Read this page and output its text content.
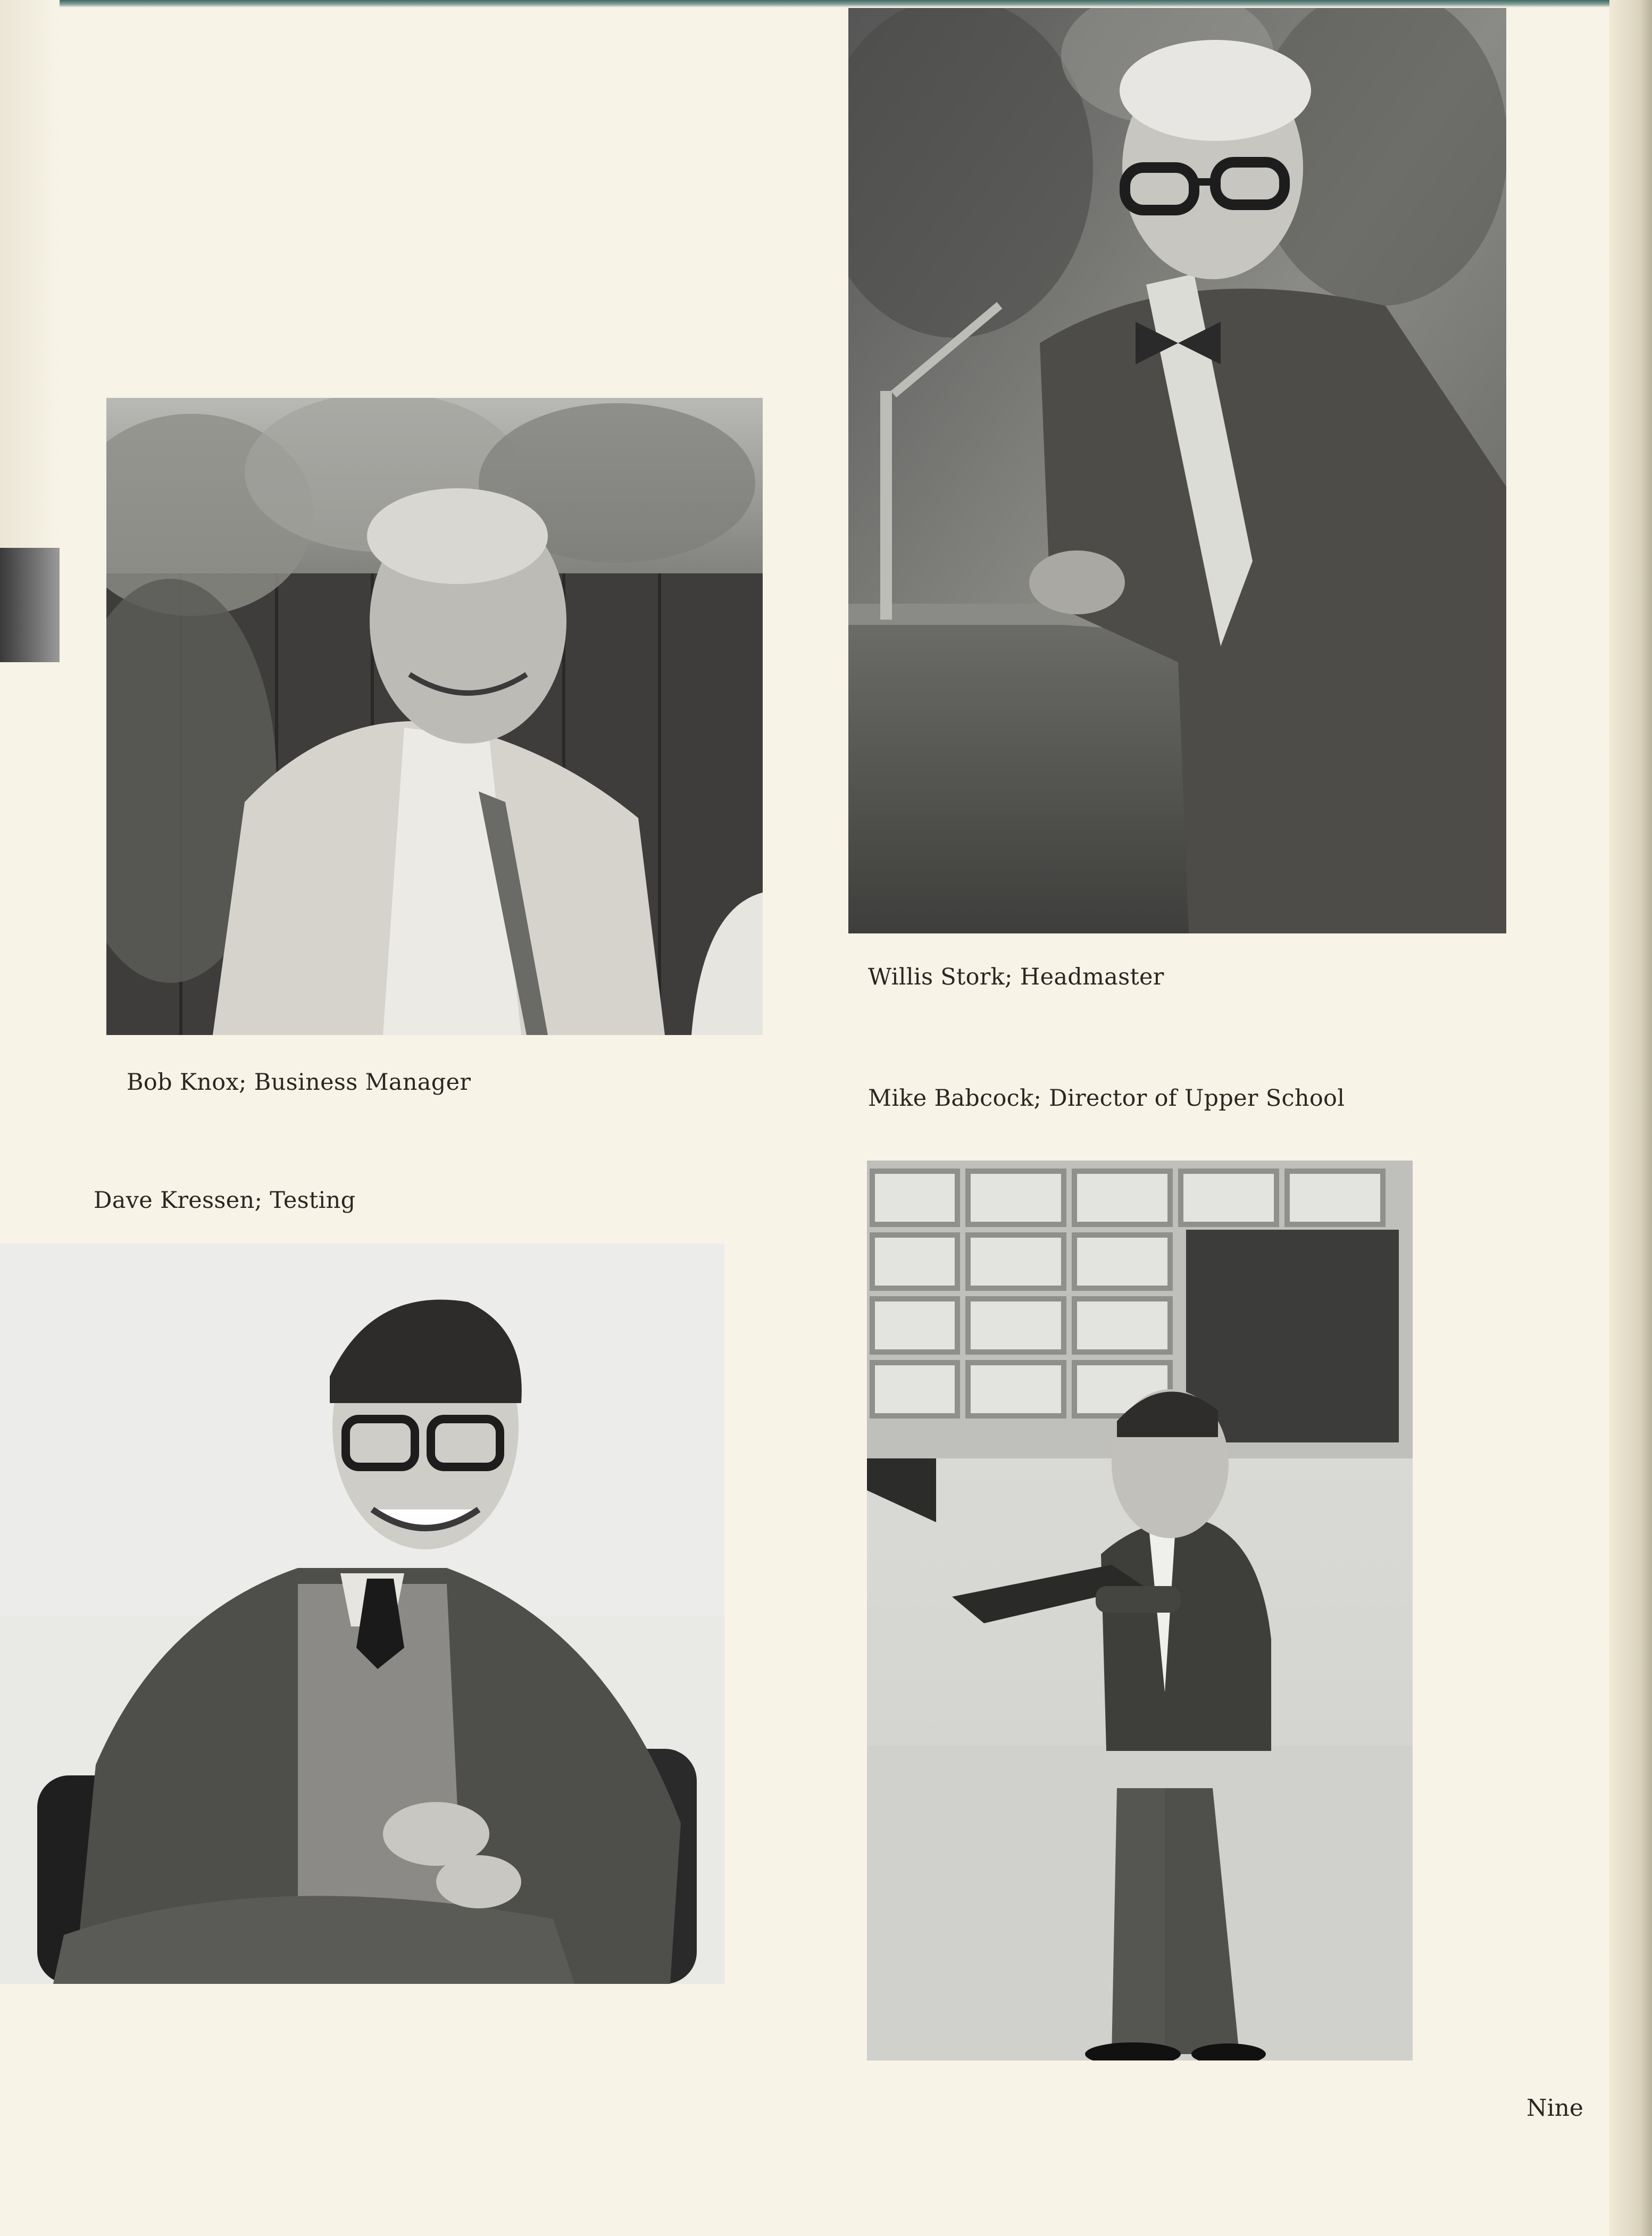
Willis Stork; Headmaster
Bob Knox; Business Manager
Mike Babcock; Director of Upper School
Dave Kressen; Testing
Nine
